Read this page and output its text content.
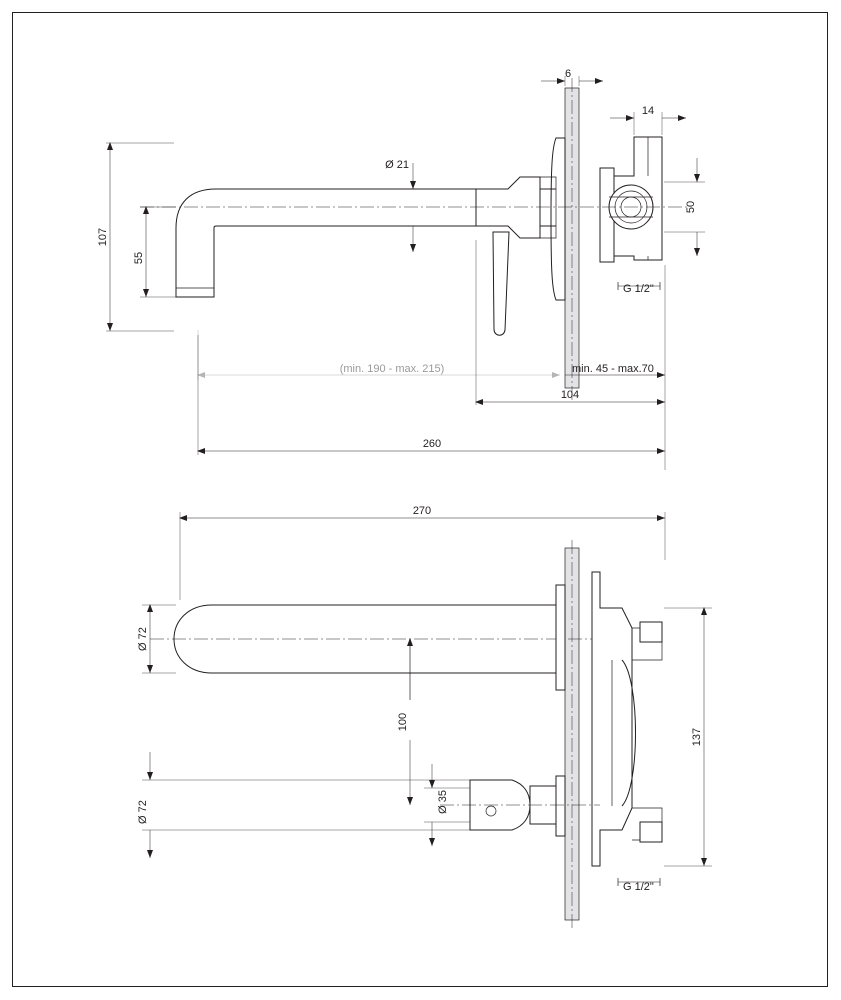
6
14
50
Ø 21
107
55
G 1/2"
(min. 190 - max. 215)	min. 45 - max.70
104
260
270
Ø 72
Ø 72
100
Ø 35
137
G 1/2"
